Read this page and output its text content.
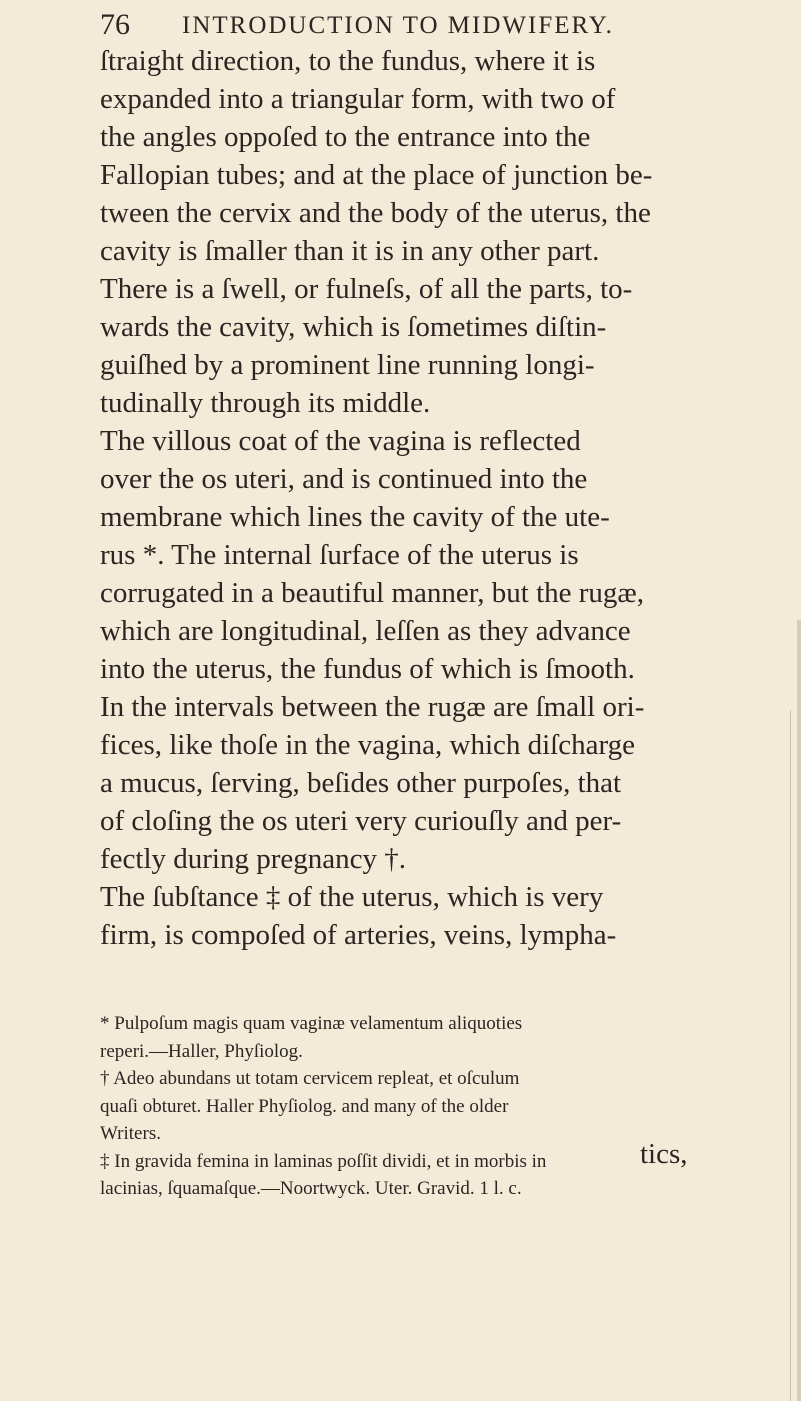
76 INTRODUCTION TO MIDWIFERY.
ſtraight direction, to the fundus, where it is
expanded into a triangular form, with two of
the angles oppoſed to the entrance into the
Fallopian tubes; and at the place of junction be-
tween the cervix and the body of the uterus, the
cavity is ſmaller than it is in any other part.
There is a ſwell, or fulneſs, of all the parts, to-
wards the cavity, which is ſometimes diſtin-
guiſhed by a prominent line running longi-
tudinally through its middle.
The villous coat of the vagina is reflected
over the os uteri, and is continued into the
membrane which lines the cavity of the ute-
rus *. The internal ſurface of the uterus is
corrugated in a beautiful manner, but the rugæ,
which are longitudinal, leſſen as they advance
into the uterus, the fundus of which is ſmooth.
In the intervals between the rugæ are ſmall ori-
fices, like thoſe in the vagina, which diſcharge
a mucus, ſerving, beſides other purpoſes, that
of cloſing the os uteri very curiouſly and per-
fectly during pregnancy †.
The ſubſtance ‡ of the uterus, which is very
firm, is compoſed of arteries, veins, lympha-
* Pulpoſum magis quam vaginæ velamentum aliquoties
reperi.—Haller, Phyſiolog.
† Adeo abundans ut totam cervicem repleat, et oſculum
quaſi obturet. Haller Phyſiolog. and many of the older
Writers.
‡ In gravida femina in laminas poſſit dividi, et in morbis in
lacinias, ſquamaſque.—Noortwyck. Uter. Gravid. 1 l. c.
tics,
